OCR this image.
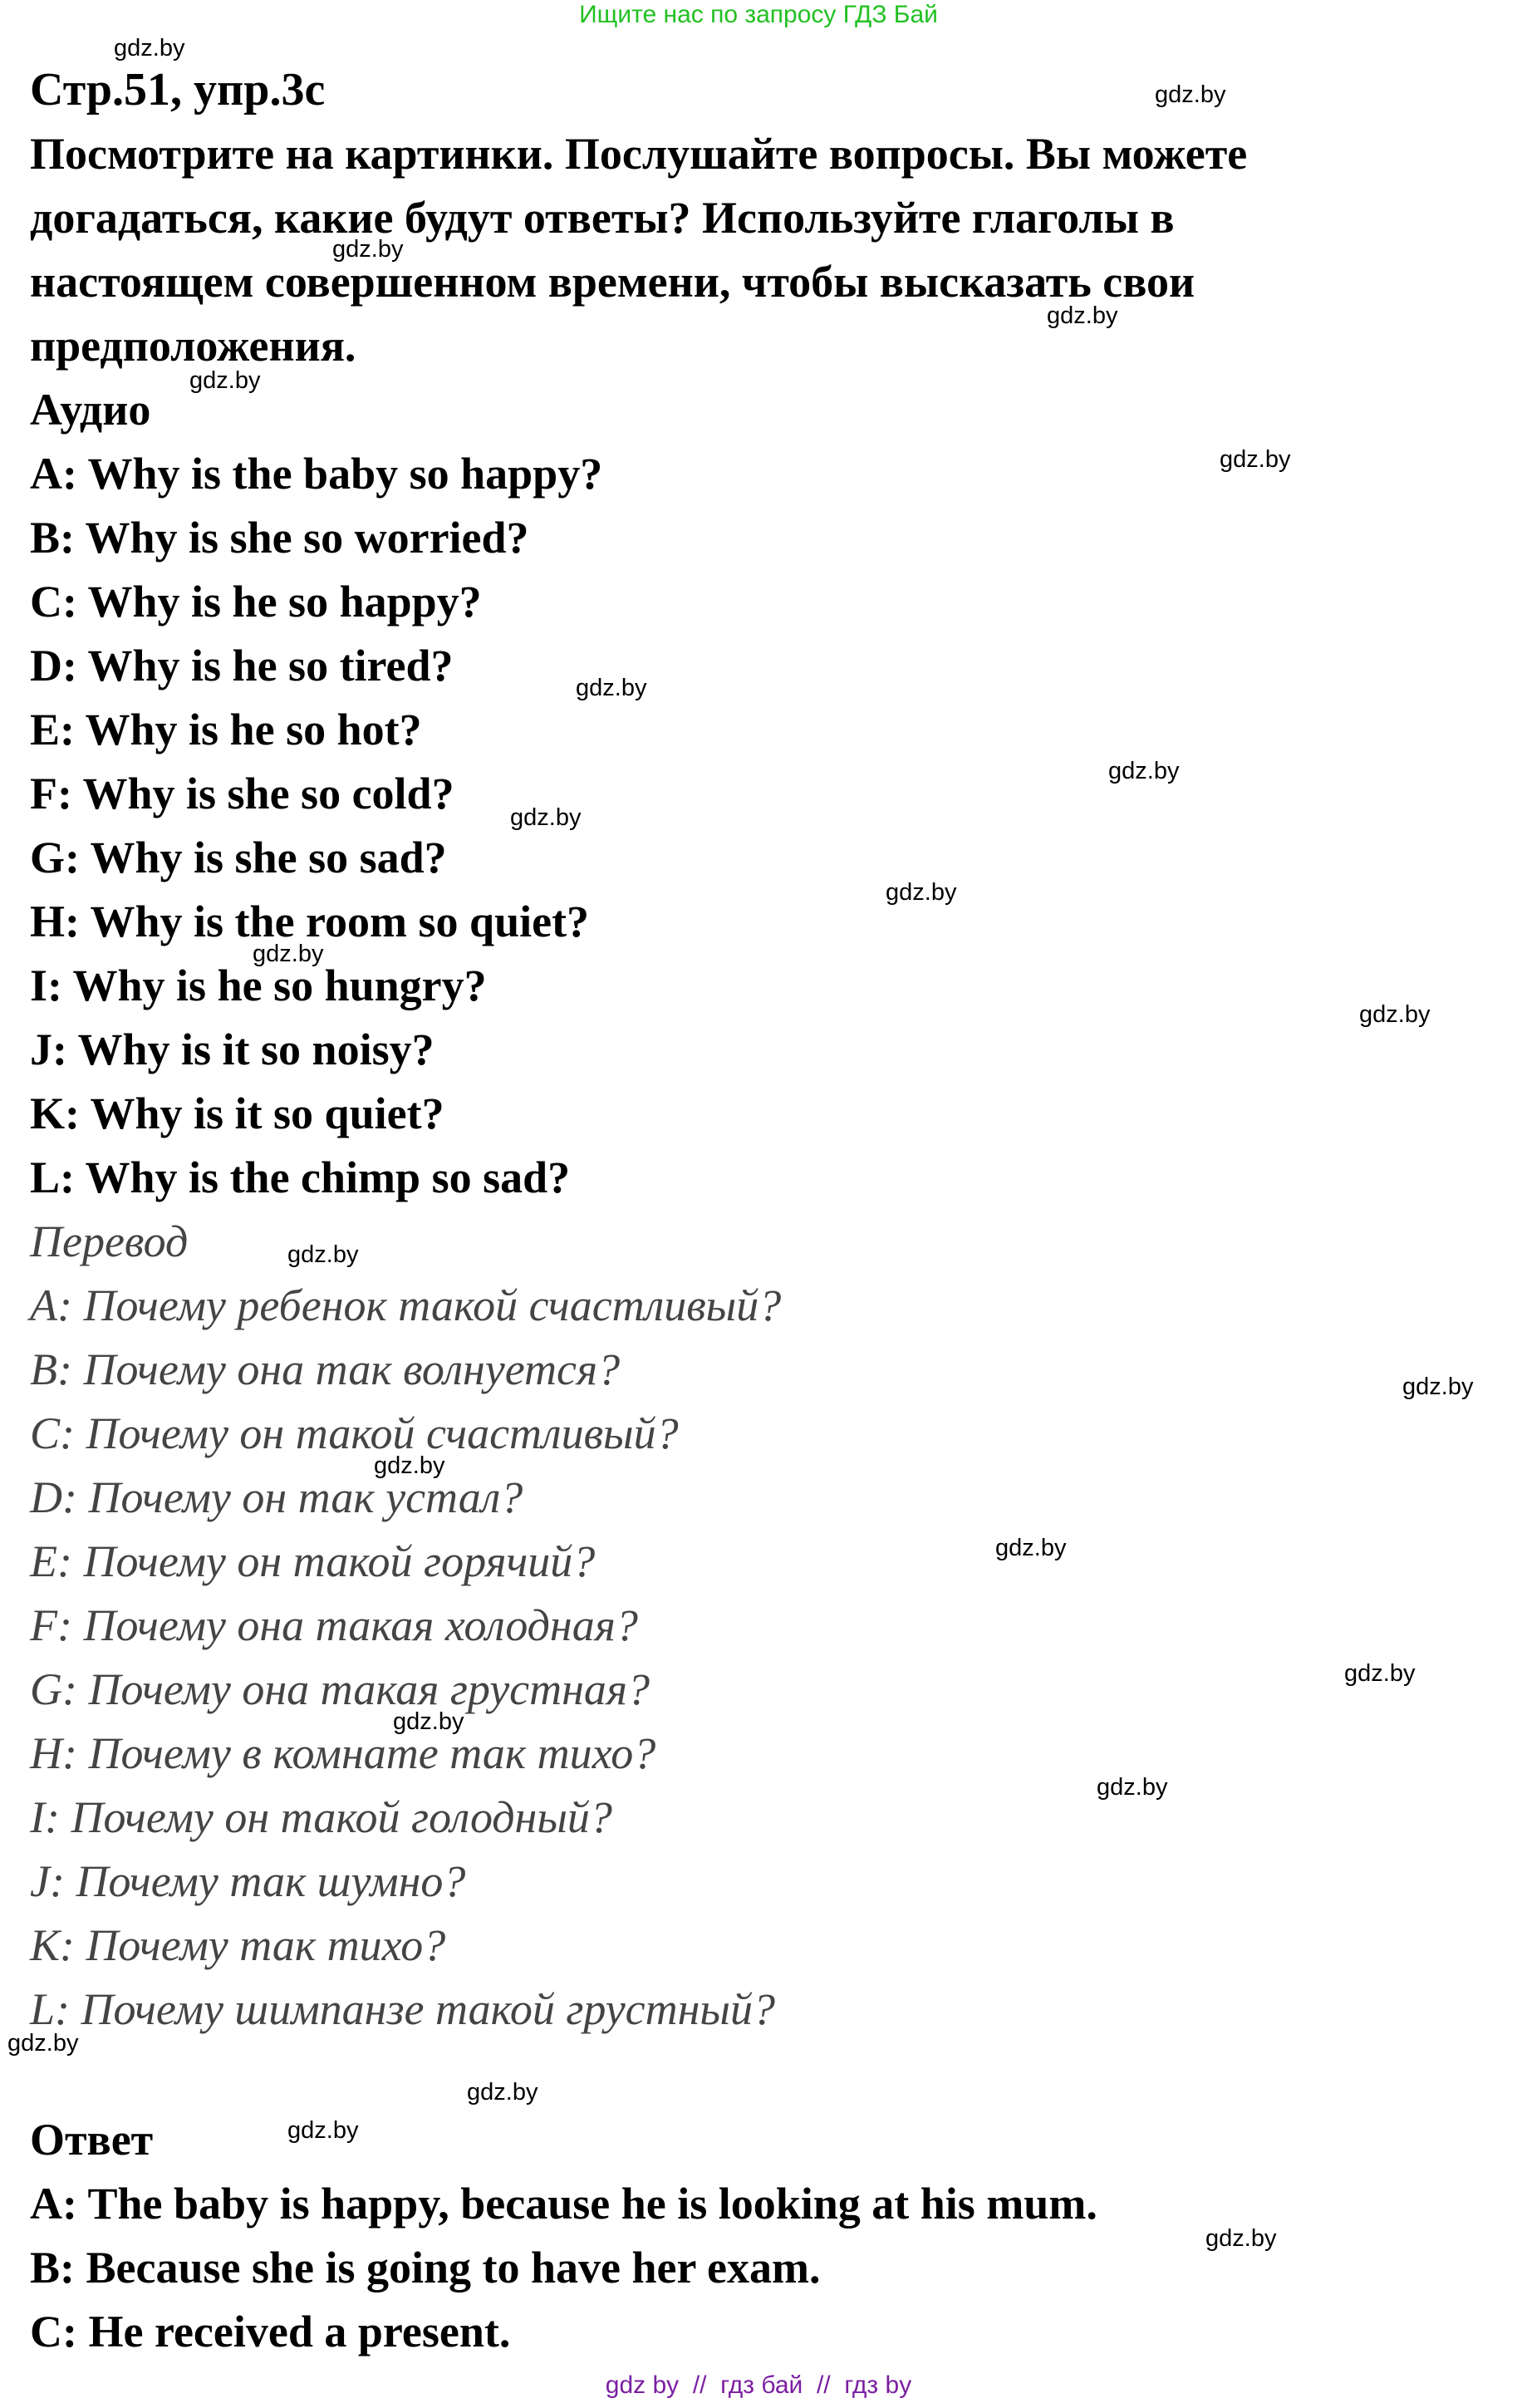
Ищите нас по запросу ГДЗ Бай
Стр.51, упр.3с
Посмотрите на картинки. Послушайте вопросы. Вы можете
догадаться, какие будут ответы? Используйте глаголы в
настоящем совершенном времени, чтобы высказать свои
предположения.
Аудио
A: Why is the baby so happy?
B: Why is she so worried?
C: Why is he so happy?
D: Why is he so tired?
E: Why is he so hot?
F: Why is she so cold?
G: Why is she so sad?
H: Why is the room so quiet?
I: Why is he so hungry?
J: Why is it so noisy?
K: Why is it so quiet?
L: Why is the chimp so sad?
Перевод
A: Почему ребенок такой счастливый?
B: Почему она так волнуется?
C: Почему он такой счастливый?
D: Почему он так устал?
E: Почему он такой горячий?
F: Почему она такая холодная?
G: Почему она такая грустная?
H: Почему в комнате так тихо?
I: Почему он такой голодный?
J: Почему так шумно?
К: Почему так тихо?
L: Почему шимпанзе такой грустный?
Ответ
A: The baby is happy, because he is looking at his mum.
B: Because she is going to have her exam.
C: He received a present.
gdz.by
gdz.by
gdz.by
gdz.by
gdz.by
gdz.by
gdz.by
gdz.by
gdz.by
gdz.by
gdz.by
gdz.by
gdz.by
gdz.by
gdz.by
gdz.by
gdz.by
gdz.by
gdz.by
gdz.by
gdz.by
gdz.by
gdz.by
gdz by  //  гдз бай  //  гдз by
